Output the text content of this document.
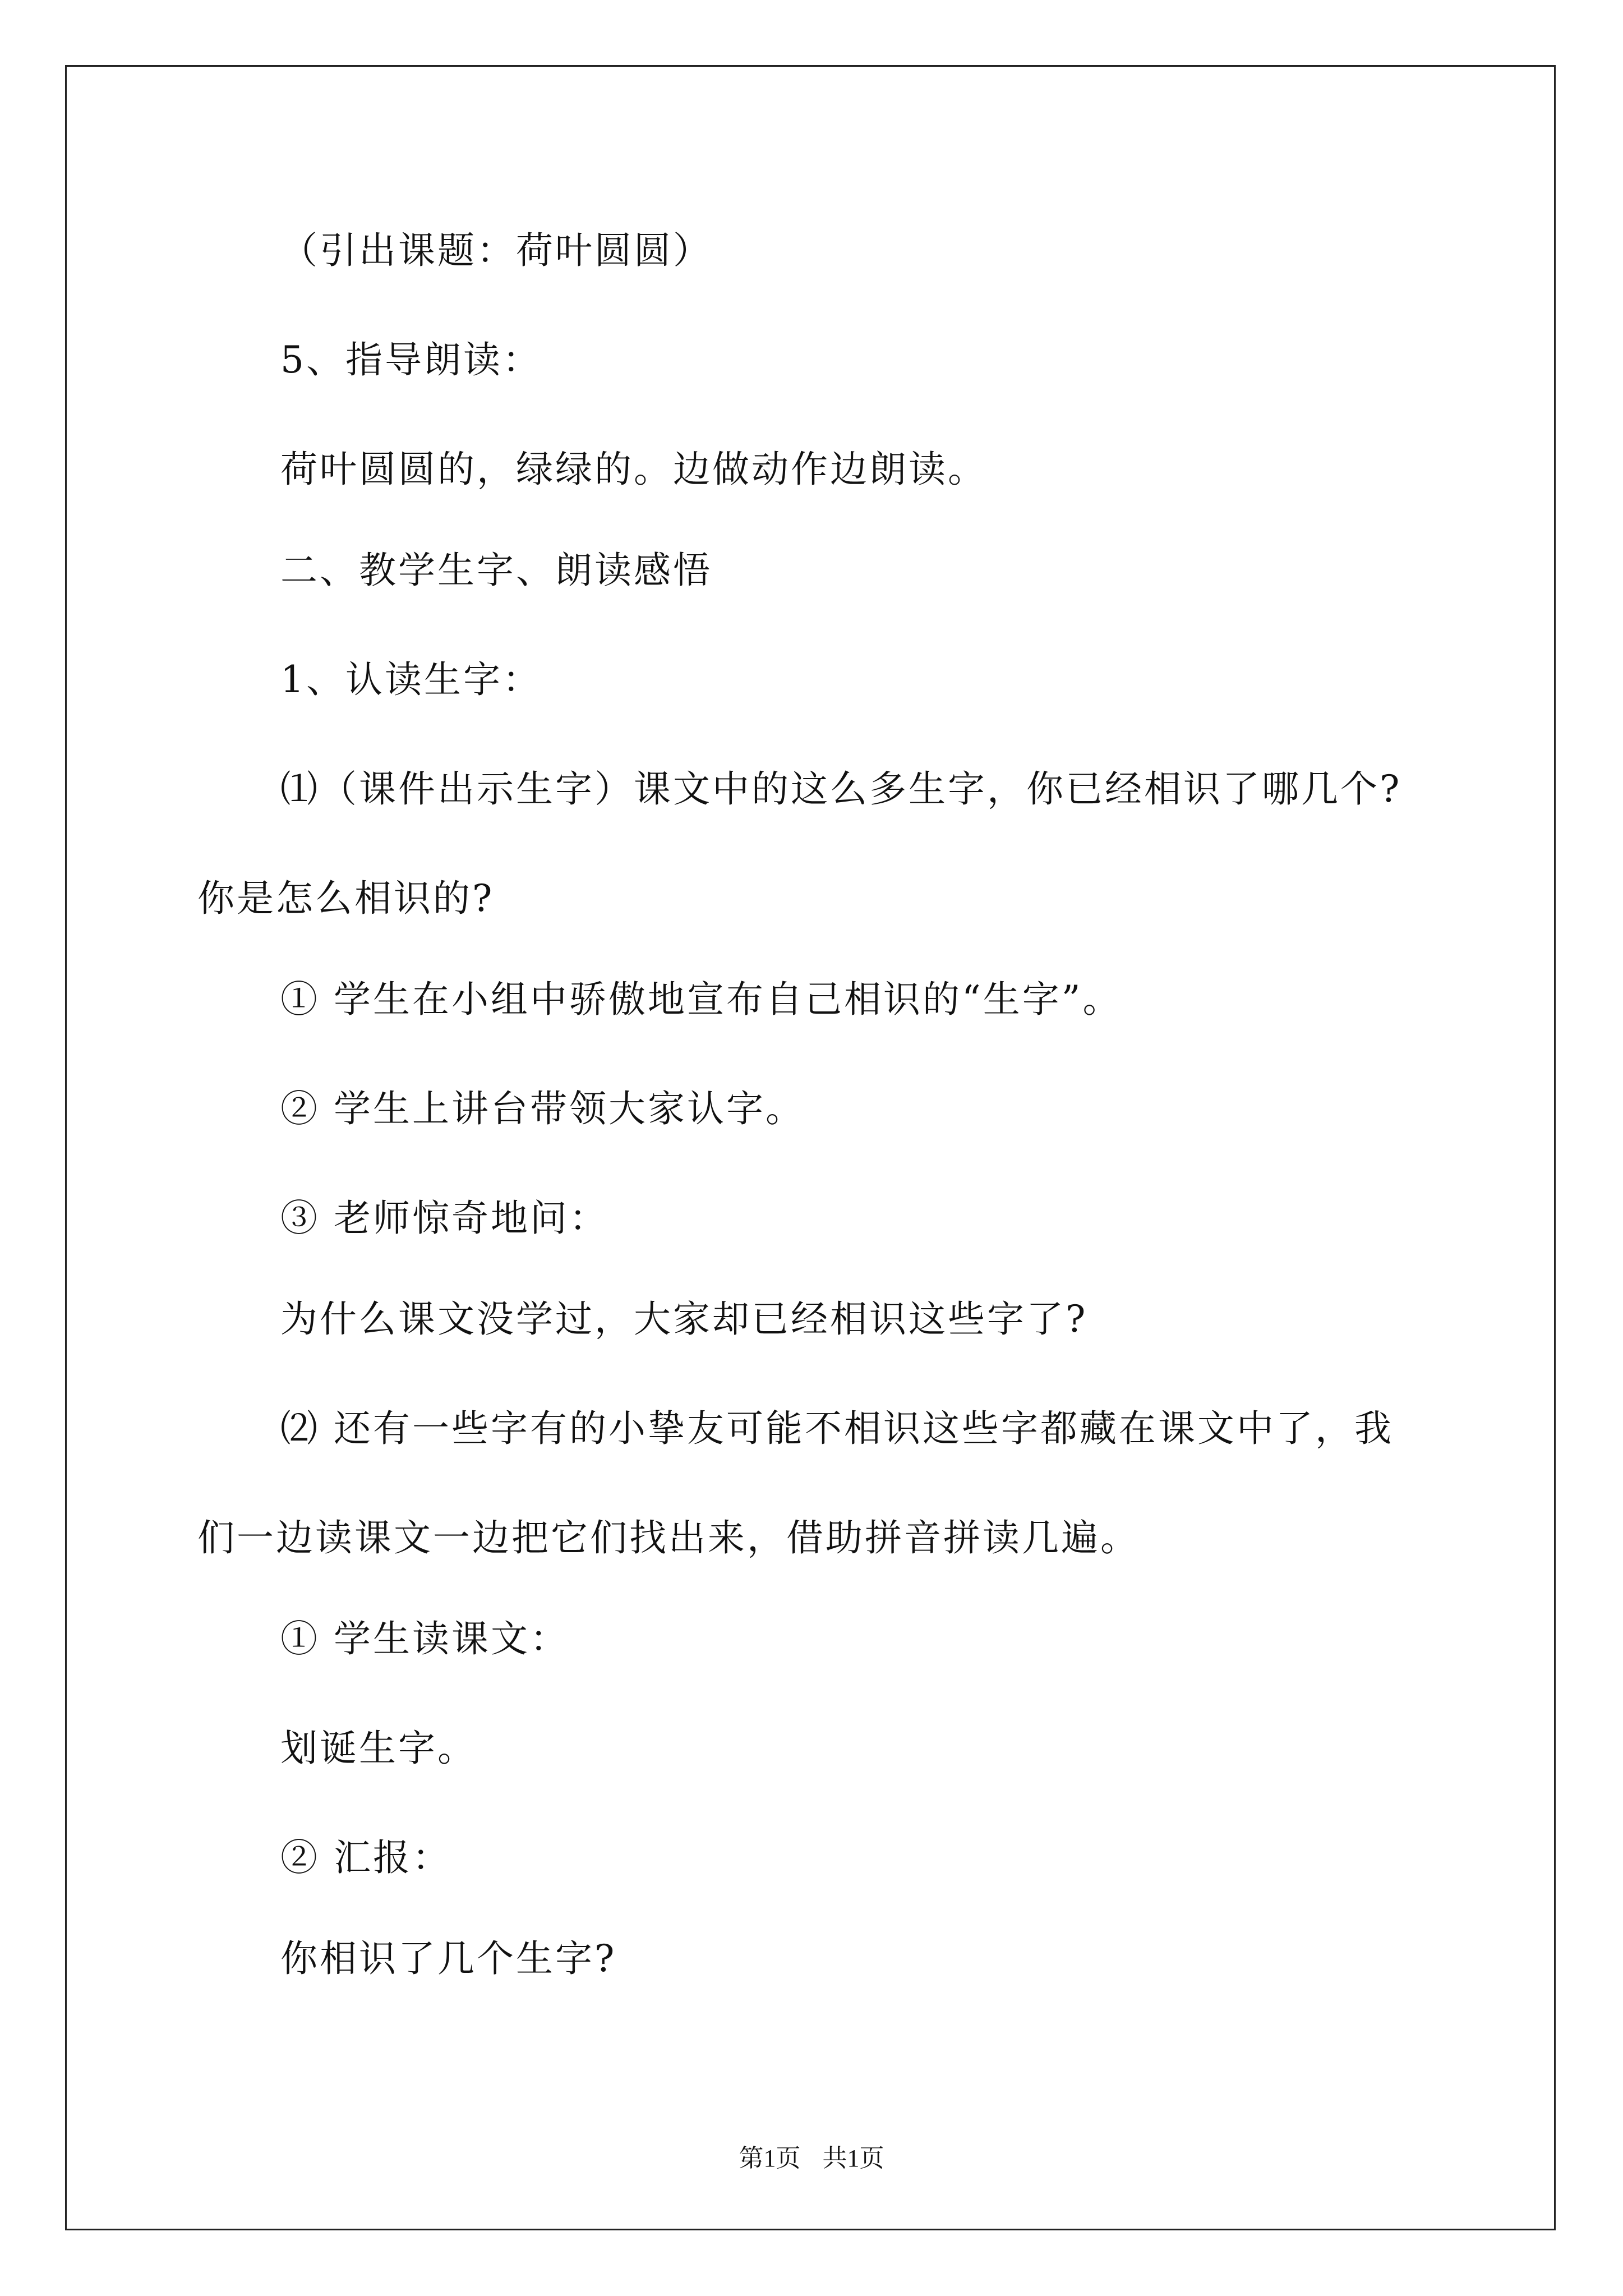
（引出课题：荷叶圆圆）
5、指导朗读：
荷叶圆圆的，绿绿的。边做动作边朗读。
二、教学生字、朗读感悟
1、认读生字：
⑴（课件出示生字）课文中的这么多生字，你已经相识了哪几个?
你是怎么相识的?
① 学生在小组中骄傲地宣布自己相识的“生字”。
② 学生上讲台带领大家认字。
③ 老师惊奇地问：
为什么课文没学过，大家却已经相识这些字了?
⑵ 还有一些字有的小挚友可能不相识这些字都藏在课文中了，我
们一边读课文一边把它们找出来，借助拼音拼读几遍。
① 学生读课文：
划诞生字。
② 汇报：
你相识了几个生字?
第1页 共1页
